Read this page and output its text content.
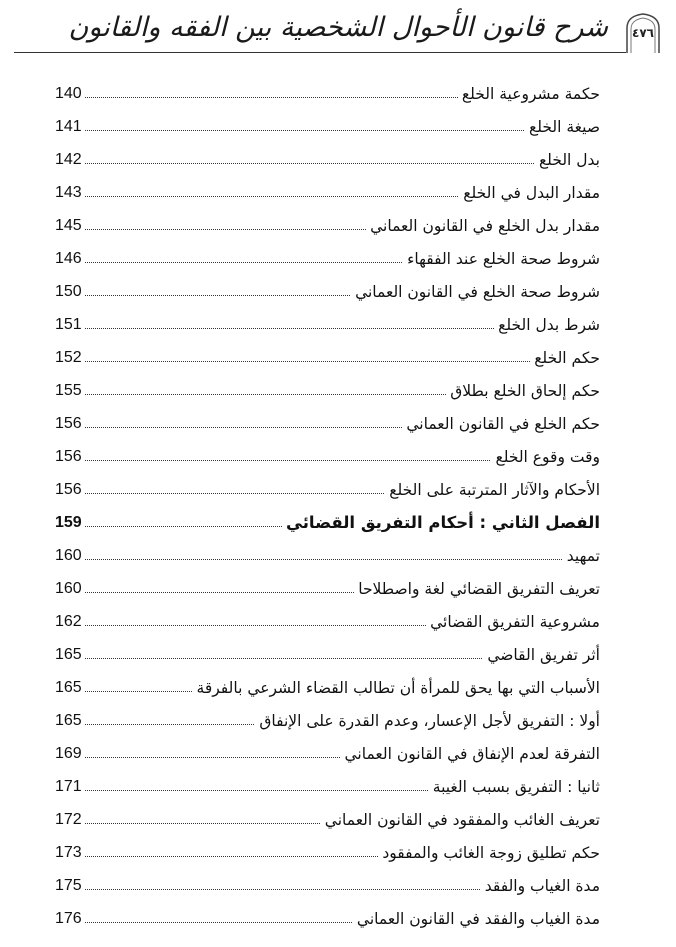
٤٧٦
شرح قانون الأحوال الشخصية بين الفقه والقانون
140	حكمة مشروعية الخلع
141	صيغة الخلع
142	بدل الخلع
143	مقدار البدل في الخلع
145	مقدار بدل الخلع في القانون العماني
146	شروط صحة الخلع عند الفقهاء
150	شروط صحة الخلع في القانون العماني
151	شرط بدل الخلع
152	حكم الخلع
155	حكم إلحاق الخلع بطلاق
156	حكم الخلع في القانون العماني
156	وقت وقوع الخلع
156	الأحكام والآثار المترتبة على الخلع
159	الفصل الثاني : أحكام التفريق القضائي
160	تمهيد
160	تعريف التفريق القضائي لغة واصطلاحا
162	مشروعية التفريق القضائي
165	أثر تفريق القاضي
165	الأسباب التي بها يحق للمرأة أن تطالب القضاء الشرعي بالفرقة
165	أولا : التفريق لأجل الإعسار، وعدم القدرة على الإنفاق
169	التفرقة لعدم الإنفاق في القانون العماني
171	ثانيا : التفريق بسبب الغيبة
172	تعريف الغائب والمفقود في القانون العماني
173	حكم تطليق زوجة الغائب والمفقود
175	مدة الغياب والفقد
176	مدة الغياب والفقد في القانون العماني
